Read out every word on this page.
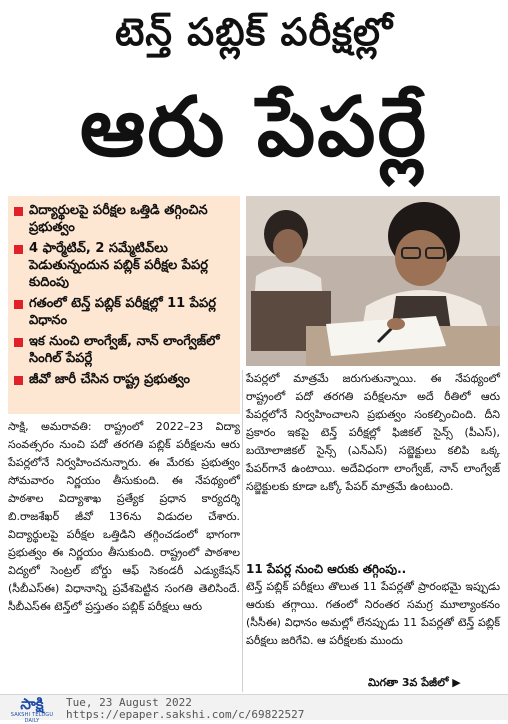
టెన్త్ పబ్లిక్ పరీక్షల్లో
ఆరు పేపర్లే
విద్యార్థులపై పరీక్షల ఒత్తిడి తగ్గించిన ప్రభుత్వం
4 ఫార్మేటివ్, 2 సమ్మేటివ్‌లు పెడుతున్నందున పబ్లిక్ పరీక్షల పేపర్ల కుదింపు
గతంలో టెన్త్ పబ్లిక్ పరీక్షల్లో 11 పేపర్ల విధానం
ఇక నుంచి లాంగ్వేజ్, నాన్ లాంగ్వేజ్‌లో సింగిల్ పేపర్లే
జీవో జారీ చేసిన రాష్ట్ర ప్రభుత్వం	పేపర్లలో మాత్రమే జరుగుతున్నాయి. ఈ నేపథ్యంలో రాష్ట్రంలో పదో తరగతి పరీక్షలనూ అదే రీతిలో ఆరు పేపర్లలోనే నిర్వహించాలని ప్రభుత్వం సంకల్పించింది. దీని ప్రకారం ఇకపై టెన్త్ పరీక్షల్లో ఫిజికల్ సైన్స్ (పీఎస్), బయోలాజికల్ సైన్స్ (ఎన్ఎస్) సబ్జెక్టులు కలిపి ఒక్క పేపర్‌గానే ఉంటాయి. అదేవిధంగా లాంగ్వేజ్, నాన్ లాంగ్వేజ్ సబ్జెక్టులకు కూడా ఒక్కో పేపర్ మాత్రమే ఉంటుంది.

సాక్షి, అమరావతి: రాష్ట్రంలో 2022–23 విద్యా సంవత్సరం నుంచి పదో తరగతి పబ్లిక్ పరీక్షలను ఆరు పేపర్లలోనే నిర్వహించనున్నారు. ఈ మేరకు ప్రభుత్వం సోమవారం నిర్ణయం తీసుకుంది. ఈ నేపథ్యంలో పాఠశాల విద్యాశాఖ ప్రత్యేక ప్రధాన కార్యదర్శి బి.రాజశేఖర్ జీవో 136ను విడుదల చేశారు. విద్యార్థులపై పరీక్షల ఒత్తిడిని తగ్గించడంలో భాగంగా ప్రభుత్వం ఈ నిర్ణయం తీసుకుంది. రాష్ట్రంలో పాఠశాల విద్యలో సెంట్రల్ బోర్డు ఆఫ్ సెకండరీ ఎడ్యుకేషన్ (సీబీఎస్ఈ) విధానాన్ని ప్రవేశపెట్టిన సంగతి తెలిసిందే. సీబీఎస్ఈ టెన్త్‌లో ప్రస్తుతం పబ్లిక్ పరీక్షలు ఆరు

11 పేపర్ల నుంచి ఆరుకు తగ్గింపు..

టెన్త్ పబ్లిక్ పరీక్షలు తొలుత 11 పేపర్లతో ప్రారంభమై ఇప్పుడు ఆరుకు తగ్గాయి. గతంలో నిరంతర సమగ్ర మూల్యాంకనం (సీసీఈ) విధానం అమల్లో లేనప్పుడు 11 పేపర్లతో టెన్త్ పబ్లిక్ పరీక్షలు జరిగేవి. ఆ పరీక్షలకు ముందు

మిగతా 3వ పేజీలో ▶
సాక్షి
SAKSHI TELUGU DAILY
Tue, 23 August 2022
https://epaper.sakshi.com/c/69822527
